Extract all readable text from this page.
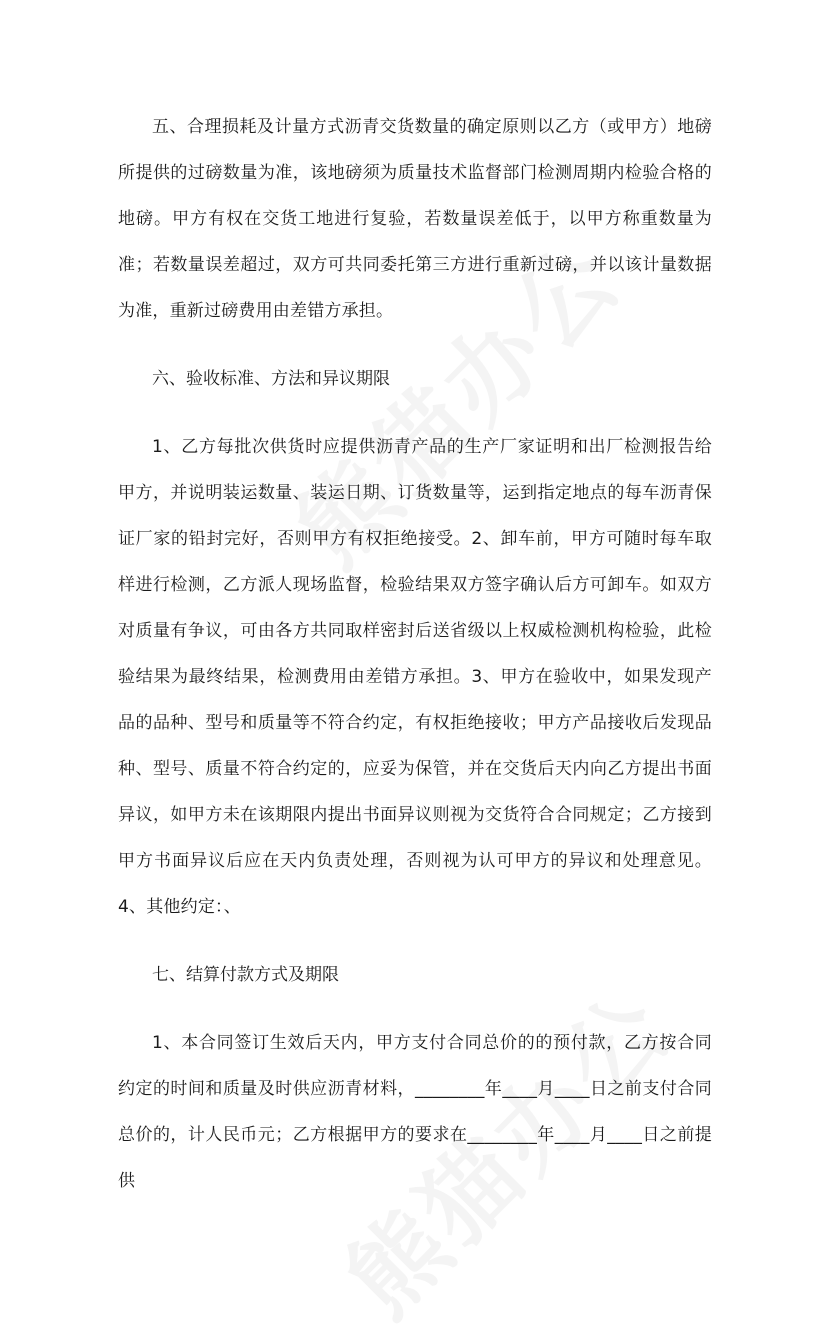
五、合理损耗及计量方式沥青交货数量的确定原则以乙方（或甲方）地磅所提供的过磅数量为准，该地磅须为质量技术监督部门检测周期内检验合格的地磅。甲方有权在交货工地进行复验，若数量误差低于，以甲方称重数量为准；若数量误差超过，双方可共同委托第三方进行重新过磅，并以该计量数据为准，重新过磅费用由差错方承担。

六、验收标准、方法和异议期限

1、乙方每批次供货时应提供沥青产品的生产厂家证明和出厂检测报告给甲方，并说明装运数量、装运日期、订货数量等，运到指定地点的每车沥青保证厂家的铅封完好，否则甲方有权拒绝接受。2、卸车前，甲方可随时每车取样进行检测，乙方派人现场监督，检验结果双方签字确认后方可卸车。如双方对质量有争议，可由各方共同取样密封后送省级以上权威检测机构检验，此检验结果为最终结果，检测费用由差错方承担。3、甲方在验收中，如果发现产品的品种、型号和质量等不符合约定，有权拒绝接收；甲方产品接收后发现品种、型号、质量不符合约定的，应妥为保管，并在交货后天内向乙方提出书面异议，如甲方未在该期限内提出书面异议则视为交货符合合同规定；乙方接到甲方书面异议后应在天内负责处理，否则视为认可甲方的异议和处理意见。4、其他约定：、

七、结算付款方式及期限

1、本合同签订生效后天内，甲方支付合同总价的的预付款，乙方按合同约定的时间和质量及时供应沥青材料，________年____月____日之前支付合同总价的，计人民币元；乙方根据甲方的要求在________年____月____日之前提供
